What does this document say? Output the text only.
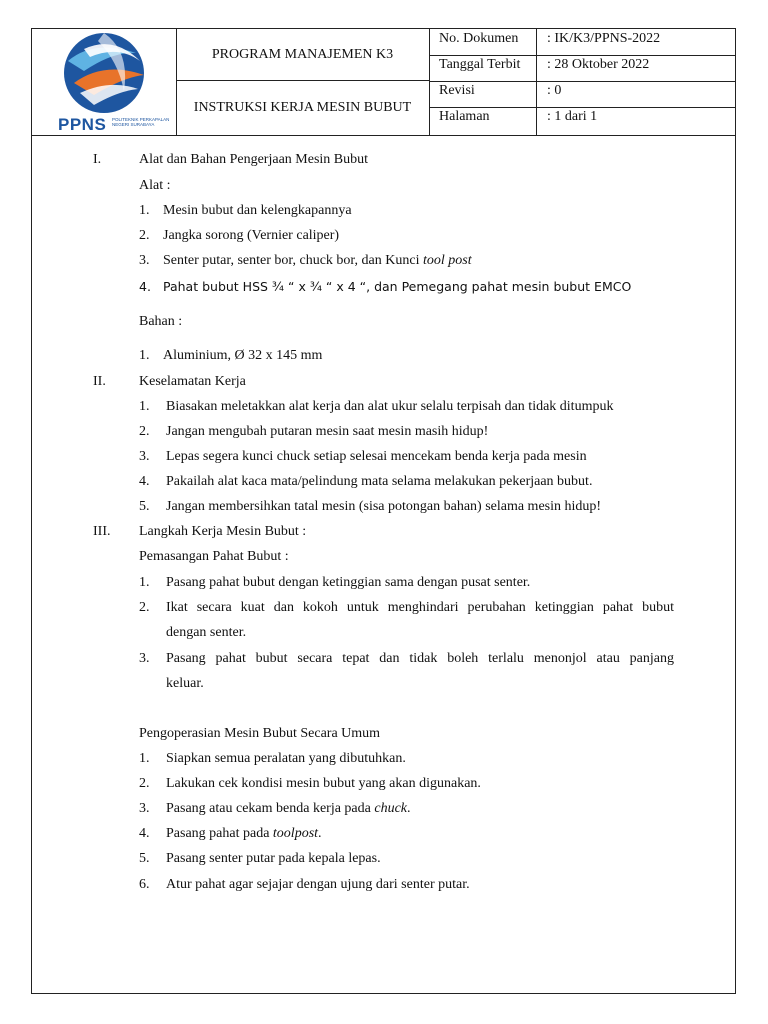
PPNS POLITEKNIK PERKAPALAN NEGERI SURABAYA
PROGRAM MANAJEMEN K3
INSTRUKSI KERJA MESIN BUBUT
No. Dokumen	: IK/K3/PPNS-2022
Tanggal Terbit	: 28 Oktober 2022
Revisi	: 0
Halaman	: 1 dari 1
I.	Alat dan Bahan Pengerjaan Mesin Bubut
Alat :
1. Mesin bubut dan kelengkapannya
2. Jangka sorong (Vernier caliper)
3. Senter putar, senter bor, chuck bor, dan Kunci tool post
4. Pahat bubut HSS ¾ “ x ¾ “ x 4 “, dan Pemegang pahat mesin bubut EMCO
Bahan :
1. Aluminium, Ø 32 x 145 mm
II. Keselamatan Kerja
1. Biasakan meletakkan alat kerja dan alat ukur selalu terpisah dan tidak ditumpuk
2. Jangan mengubah putaran mesin saat mesin masih hidup!
3. Lepas segera kunci chuck setiap selesai mencekam benda kerja pada mesin
4. Pakailah alat kaca mata/pelindung mata selama melakukan pekerjaan bubut.
5. Jangan membersihkan tatal mesin (sisa potongan bahan) selama mesin hidup!
III. Langkah Kerja Mesin Bubut :
Pemasangan Pahat Bubut :
1. Pasang pahat bubut dengan ketinggian sama dengan pusat senter.
2. Ikat secara kuat dan kokoh untuk menghindari perubahan ketinggian pahat bubut
dengan senter.
3. Pasang pahat bubut secara tepat dan tidak boleh terlalu menonjol atau panjang
keluar.
Pengoperasian Mesin Bubut Secara Umum
1. Siapkan semua peralatan yang dibutuhkan.
2. Lakukan cek kondisi mesin bubut yang akan digunakan.
3. Pasang atau cekam benda kerja pada chuck.
4. Pasang pahat pada toolpost.
5. Pasang senter putar pada kepala lepas.
6. Atur pahat agar sejajar dengan ujung dari senter putar.
